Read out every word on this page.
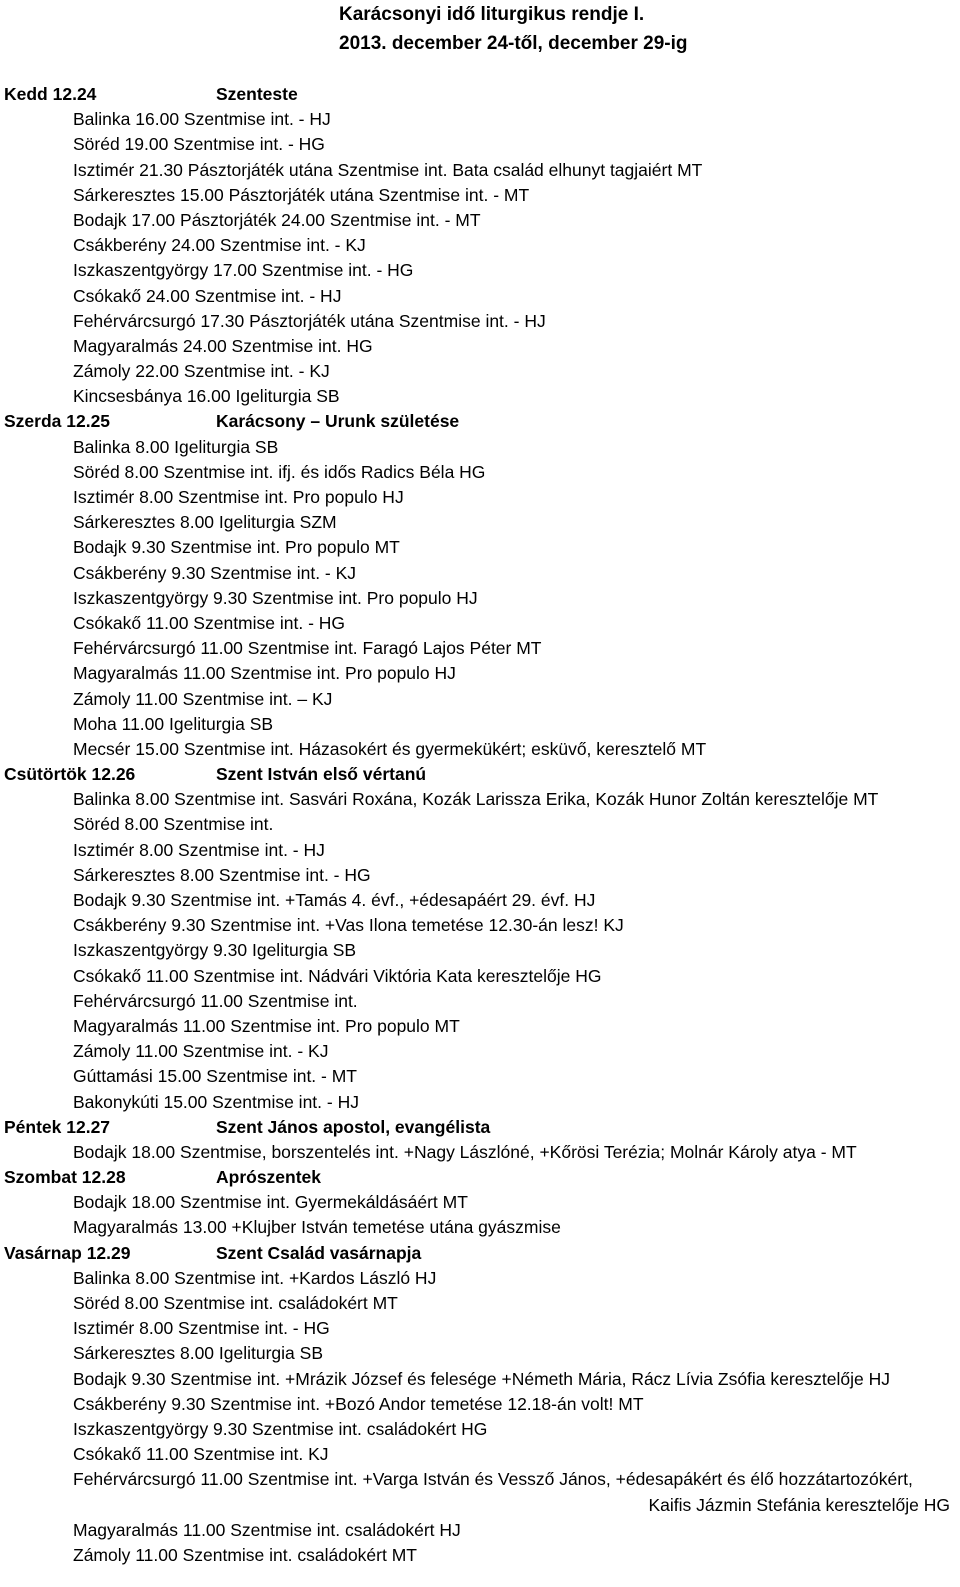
Karácsonyi idő liturgikus rendje I.
2013. december 24-től, december 29-ig
Kedd 12.24	Szenteste
Balinka 16.00 Szentmise int. - HJ
Söréd 19.00 Szentmise int. - HG
Isztimér 21.30 Pásztorjáték utána Szentmise int. Bata család elhunyt tagjaiért MT
Sárkeresztes 15.00 Pásztorjáték utána Szentmise int. - MT
Bodajk 17.00 Pásztorjáték 24.00 Szentmise int. - MT
Csákberény 24.00 Szentmise int. - KJ
Iszkaszentgyörgy 17.00 Szentmise int. - HG
Csókakő 24.00 Szentmise int. - HJ
Fehérvárcsurgó 17.30 Pásztorjáték utána Szentmise int. - HJ
Magyaralmás 24.00 Szentmise int. HG
Zámoly 22.00 Szentmise int. - KJ
Kincsesbánya 16.00 Igeliturgia SB
Szerda 12.25	Karácsony – Urunk születése
Balinka 8.00 Igeliturgia SB
Söréd 8.00 Szentmise int. ifj. és idős Radics Béla HG
Isztimér 8.00 Szentmise int. Pro populo HJ
Sárkeresztes 8.00 Igeliturgia SZM
Bodajk 9.30 Szentmise int. Pro populo MT
Csákberény 9.30 Szentmise int. - KJ
Iszkaszentgyörgy 9.30 Szentmise int. Pro populo HJ
Csókakő 11.00 Szentmise int. - HG
Fehérvárcsurgó 11.00 Szentmise int. Faragó Lajos Péter MT
Magyaralmás 11.00 Szentmise int. Pro populo HJ
Zámoly 11.00 Szentmise int. – KJ
Moha 11.00 Igeliturgia SB
Mecsér 15.00 Szentmise int. Házasokért és gyermekükért; esküvő, keresztelő MT
Csütörtök 12.26	Szent István első vértanú
Balinka 8.00 Szentmise int. Sasvári Roxána, Kozák Larissza Erika, Kozák Hunor Zoltán keresztelője MT
Söréd 8.00 Szentmise int.
Isztimér 8.00 Szentmise int. - HJ
Sárkeresztes 8.00 Szentmise int. - HG
Bodajk 9.30 Szentmise int. +Tamás 4. évf., +édesapáért 29. évf. HJ
Csákberény 9.30 Szentmise int. +Vas Ilona temetése 12.30-án lesz! KJ
Iszkaszentgyörgy 9.30 Igeliturgia SB
Csókakő 11.00 Szentmise int. Nádvári Viktória Kata keresztelője HG
Fehérvárcsurgó 11.00 Szentmise int.
Magyaralmás 11.00 Szentmise int. Pro populo MT
Zámoly 11.00 Szentmise int. - KJ
Gúttamási 15.00 Szentmise int. - MT
Bakonykúti 15.00 Szentmise int. - HJ
Péntek 12.27	Szent János apostol, evangélista
Bodajk 18.00 Szentmise, borszentelés int. +Nagy Lászlóné, +Kőrösi Terézia; Molnár Károly atya - MT
Szombat 12.28	Aprószentek
Bodajk 18.00 Szentmise int. Gyermekáldásáért MT
Magyaralmás 13.00 +Klujber István temetése utána gyászmise
Vasárnap 12.29	Szent Család vasárnapja
Balinka 8.00 Szentmise int. +Kardos László HJ
Söréd 8.00 Szentmise int. családokért MT
Isztimér 8.00 Szentmise int. - HG
Sárkeresztes 8.00 Igeliturgia SB
Bodajk 9.30 Szentmise int. +Mrázik József és felesége +Németh Mária, Rácz Lívia Zsófia keresztelője HJ
Csákberény 9.30 Szentmise int. +Bozó Andor temetése 12.18-án volt! MT
Iszkaszentgyörgy 9.30 Szentmise int. családokért HG
Csókakő 11.00 Szentmise int. KJ
Fehérvárcsurgó 11.00 Szentmise int. +Varga István és Vessző János, +édesapákért és élő hozzátartozókért,
Kaifis Jázmin Stefánia keresztelője HG
Magyaralmás 11.00 Szentmise int. családokért HJ
Zámoly 11.00 Szentmise int. családokért MT
